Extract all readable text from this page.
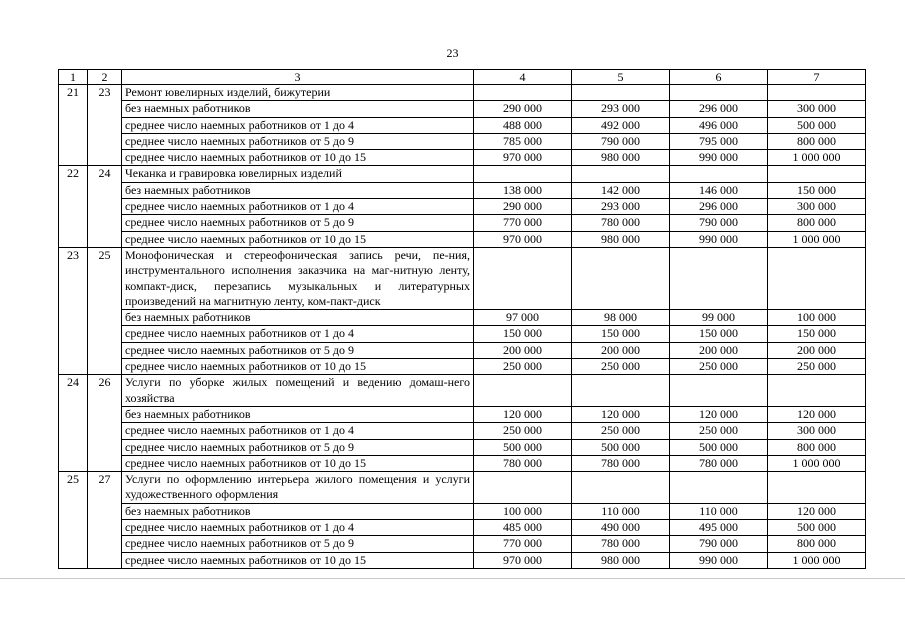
23
1	2	3	4	5	6	7
21	23	Ремонт ювелирных изделий, бижутерии				
		без наемных работников	290 000	293 000	296 000	300 000
		среднее число наемных работников от 1 до 4	488 000	492 000	496 000	500 000
		среднее число наемных работников от 5 до 9	785 000	790 000	795 000	800 000
		среднее число наемных работников от 10 до 15	970 000	980 000	990 000	1 000 000
22	24	Чеканка и гравировка ювелирных изделий				
		без наемных работников	138 000	142 000	146 000	150 000
		среднее число наемных работников от 1 до 4	290 000	293 000	296 000	300 000
		среднее число наемных работников от 5 до 9	770 000	780 000	790 000	800 000
		среднее число наемных работников от 10 до 15	970 000	980 000	990 000	1 000 000
23	25	Монофоническая и стереофоническая запись речи, пе-ния, инструментального исполнения заказчика на маг-нитную ленту, компакт-диск, перезапись музыкальных и литературных произведений на магнитную ленту, ком-пакт-диск				
		без наемных работников	97 000	98 000	99 000	100 000
		среднее число наемных работников от 1 до 4	150 000	150 000	150 000	150 000
		среднее число наемных работников от 5 до 9	200 000	200 000	200 000	200 000
		среднее число наемных работников от 10 до 15	250 000	250 000	250 000	250 000
24	26	Услуги по уборке жилых помещений и ведению домаш-него хозяйства				
		без наемных работников	120 000	120 000	120 000	120 000
		среднее число наемных работников от 1 до 4	250 000	250 000	250 000	300 000
		среднее число наемных работников от 5 до 9	500 000	500 000	500 000	800 000
		среднее число наемных работников от 10 до 15	780 000	780 000	780 000	1 000 000
25	27	Услуги по оформлению интерьера жилого помещения и услуги художественного оформления				
		без наемных работников	100 000	110 000	110 000	120 000
		среднее число наемных работников от 1 до 4	485 000	490 000	495 000	500 000
		среднее число наемных работников от 5 до 9	770 000	780 000	790 000	800 000
		среднее число наемных работников от 10 до 15	970 000	980 000	990 000	1 000 000
